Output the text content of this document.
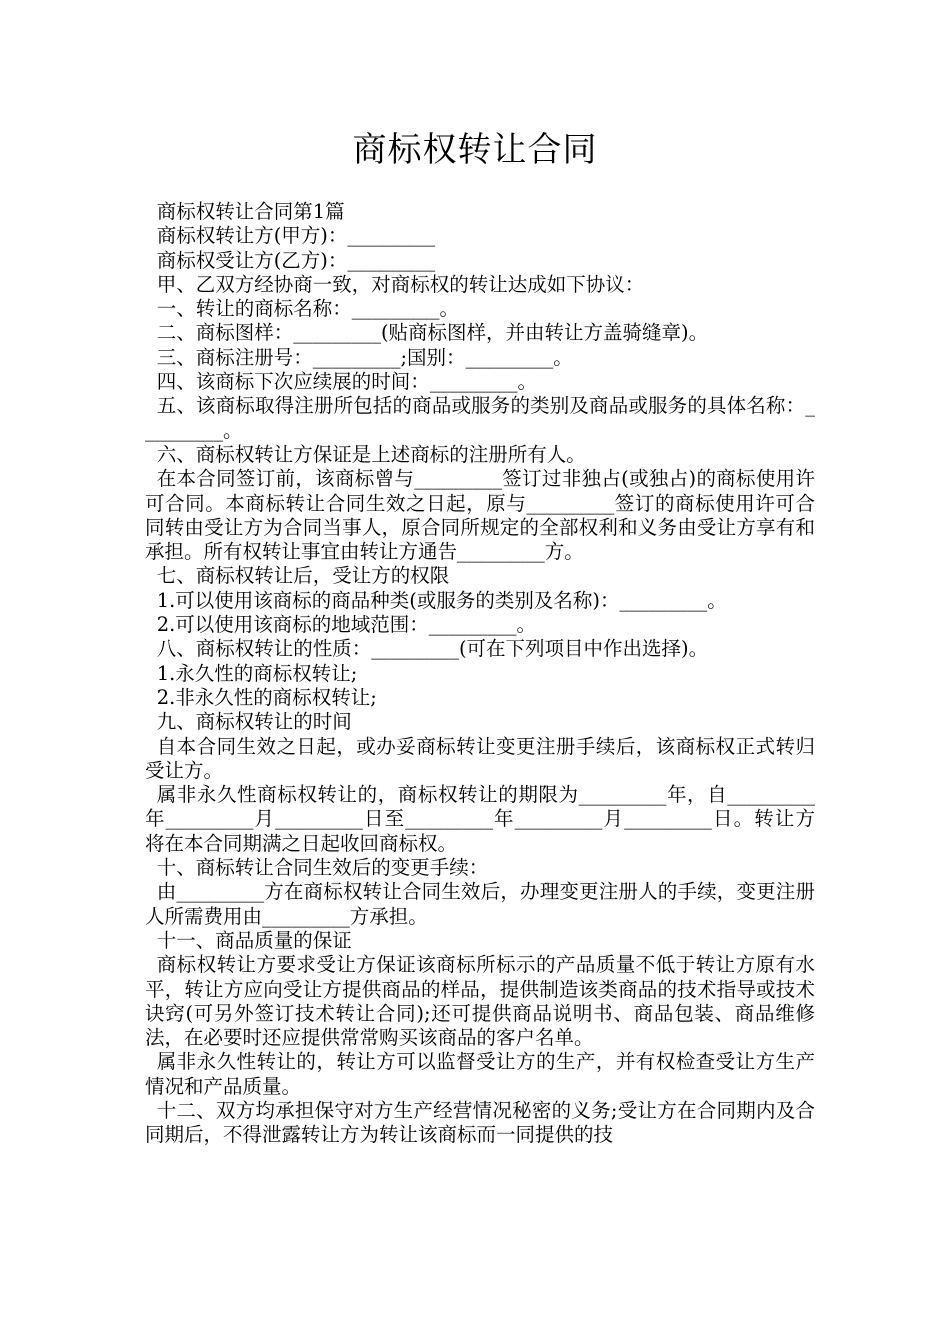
商标权转让合同

商标权转让合同第1篇

商标权转让方(甲方)：_________

商标权受让方(乙方)：_________

甲、乙双方经协商一致，对商标权的转让达成如下协议：

一、转让的商标名称：_________。

二、商标图样：_________(贴商标图样，并由转让方盖骑缝章)。

三、商标注册号：_________;国别：_________。

四、该商标下次应续展的时间：_________。

五、该商标取得注册所包括的商品或服务的类别及商品或服务的具体名称：_________。

六、商标权转让方保证是上述商标的注册所有人。

在本合同签订前，该商标曾与_________签订过非独占(或独占)的商标使用许可合同。本商标转让合同生效之日起，原与_________签订的商标使用许可合同转由受让方为合同当事人，原合同所规定的全部权利和义务由受让方享有和承担。所有权转让事宜由转让方通告_________方。

七、商标权转让后，受让方的权限

1.可以使用该商标的商品种类(或服务的类别及名称)：_________。

2.可以使用该商标的地域范围：_________。

八、商标权转让的性质：_________(可在下列项目中作出选择)。

1.永久性的商标权转让;

2.非永久性的商标权转让;

九、商标权转让的时间

自本合同生效之日起，或办妥商标转让变更注册手续后，该商标权正式转归受让方。

属非永久性商标权转让的，商标权转让的期限为_________年，自_________年_________月_________日至_________年_________月_________日。转让方将在本合同期满之日起收回商标权。

十、商标转让合同生效后的变更手续：

由_________方在商标权转让合同生效后，办理变更注册人的手续，变更注册人所需费用由_________方承担。

十一、商品质量的保证

商标权转让方要求受让方保证该商标所标示的产品质量不低于转让方原有水平，转让方应向受让方提供商品的样品，提供制造该类商品的技术指导或技术诀窍(可另外签订技术转让合同);还可提供商品说明书、商品包装、商品维修法，在必要时还应提供常常购买该商品的客户名单。

属非永久性转让的，转让方可以监督受让方的生产，并有权检查受让方生产情况和产品质量。

十二、双方均承担保守对方生产经营情况秘密的义务;受让方在合同期内及合同期后，不得泄露转让方为转让该商标而一同提供的技
